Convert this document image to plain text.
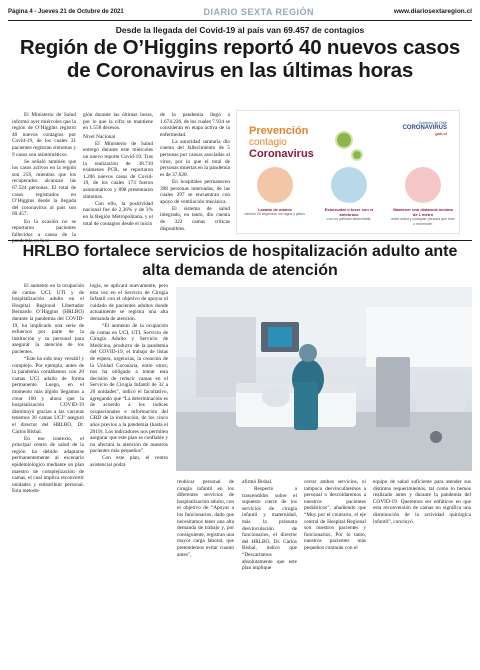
Página 4 - Jueves 21 de Octubre de 2021	DIARIO SEXTA REGIÓN	www.diariosextaregion.cl
Desde la llegada del Covid-19 al país van 69.457 de contagios
Región de O’Higgins reportó 40 nuevos casos de Coronavirus en las últimas horas

El Ministerio de Salud informó ayer miércoles que la región de O’Higgins registró 40 nuevos contagios por Covid-19, de los cuales 31 pacientes registran síntomas y 9 casos son asintomáticos.

Se señaló también que los casos activos en la región son 259, mientras que los recuperados alcanzan las 67.524 personas. El total de casos registrados en O’Higgins desde la llegada del coronavirus al país son 69.457.

En la ocasión no se reportaron pacientes fallecidos a causa de la pandemia en la re-

gión durante las últimas horas, por lo que la cifra se mantiene en 1.558 decesos.

Nivel Nacional

El Ministerio de Salud entregó durante este miércoles un nuevo reporte Covid-19. Tras la realización de 38.710 exámenes PCR, se reportaron 1.206 nuevos casos de Covid-19, de los cuales 173 fueron asintomáticos y 898 presentaron síntomas.

Con ello, la positividad nacional fue de 2,36% y de 3% en la Región Metropolitana, y el total de contagios desde el inicio

de la pandemia llegó a 1.674.226, de los cuales 7.934 se consideran en etapa activa de la enfermedad.

La autoridad sanitaria dio cuenta del fallecimiento de 5 personas por causas asociadas al virus, por lo que el total de personas muertas en la pandemia es de 37.628.

En hospitales permanecen 398 personas internadas, de las cuales 297 se encuentran con apoyo de ventilación mecánica.

El sistema de salud integrado, en tanto, dio cuenta de 322 camas críticas disponibles.

Prevención
contagio
Coronavirus
Gobierno de Chile
CORONAVIRUS
gob.cl
Lavado de manos
mínimo 20 segundos con agua y jabón.
Estornudar o toser con el antebrazo
o en un pañuelo desechable.
Mantener una distancia mínima de 1 metro
entre usted y cualquier persona que tose o estornude.
HRLBO fortalece servicios de hospitalización adulto ante alta demanda de atención

El aumento en la ocupación de camas UCI, UTI y de hospitalización adulto en el Hospital Regional Libertador Bernardo O’Higgins (HRLBO) durante la pandemia del COVID-19, ha implicado una serie de esfuerzos por parte de la institución y su personal para asegurar la atención de los pacientes.

“Este ha sido muy versátil y complejo. Por ejemplo, antes de la pandemia contábamos con 20 camas UCI adulto de forma permanente. Luego, en el momento más álgido llegamos a crear 100 y ahora que la hospitalización COVID-19 disminuyó gracias a las vacunas tenemos 36 camas UCI” aseguró el director del HRLBO, Dr. Carlos Bisbal.

En ese contexto, el principal centro de salud de la región ha debido adaptarse permanentemente al escenario epidemiológico mediante un plan maestro de complejización de camas, el cual implica reconvertir unidades y redistribuir personal. Esta metodo-

logía, se aplicará nuevamente, pero esta vez en el Servicio de Cirugía Infantil con el objetivo de apoyar el cuidado de pacientes adultos donde actualmente se registra una alta demanda de atención.

“El aumento de la ocupación de camas en UCI, UTI, Servicio de Cirugía Adulto y Servicio de Medicina, producto de la pandemia del COVID-19, el trabajo de listas de espera, urgencias, la creación de la Unidad Coronaria, entre otros; nos ha obligado a tomar esta decisión de reducir camas en el Servicio de Cirugía Infantil de 32 a 20 unidades”, indicó el facultativo, agregando que “La determinación es de acuerdo a los índices ocupacionales e información del GRD de la institución, de los cinco años previos a la pandemia (hasta el 2019). Los indicadores nos permiten asegurar que este plan es confiable y no afectará la atención de nuestros pacientes más pequeños”.

Con este plan, el centro asistencial podrá

reubicar personal de cirugía infantil en los diferentes servicios de hospitalización adulto, con el objetivo de “Apoyar a los funcionarios, dado que necesitamos tener una alta demanda de trabajo y, por consiguiente, registran una mayor carga laboral, que pretendemos evitar cuanto antes”,

afirmó Bisbal.

Respecto a trascendidos sobre el supuesto cierre de los servicios de cirugía infantil y maternidad, más la presunta desvinculación de funcionarios, el director del HRLBO, Dr. Carlos Bisbal, indicó que “Descartamos absolutamente que este plan implique

cerrar ambos servicios, ni tampoco desvincularemos a personal o descuidaremos a nuestros pacientes pediátricos”, añadiendo que “Muy por el contrario, el eje central de Hospital Regional son nuestros pacientes y funcionarios. Por lo tanto, nuestros pacientes más pequeños contarán con el

equipo de salud suficiente para atender sus distintos requerimientos, tal como lo hemos realizado antes y durante la pandemia del COVID-19. Queremos ser enfáticos en que esta reconversión de camas no significa una disminución de la actividad quirúrgica infantil”, concluyó.
